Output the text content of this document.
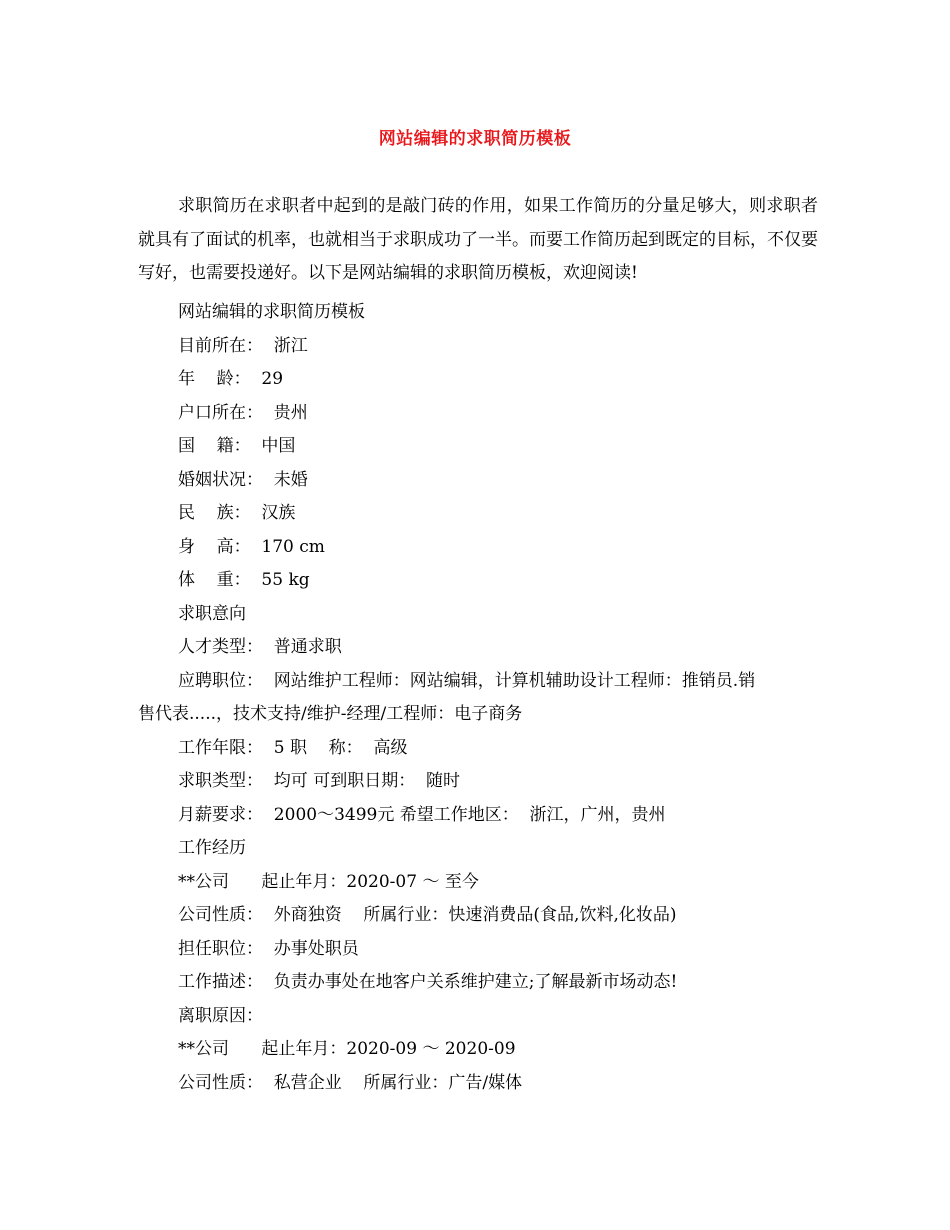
网站编辑的求职简历模板
求职简历在求职者中起到的是敲门砖的作用，如果工作简历的分量足够大，则求职者就具有了面试的机率，也就相当于求职成功了一半。而要工作简历起到既定的目标，不仅要写好，也需要投递好。以下是网站编辑的求职简历模板，欢迎阅读!
网站编辑的求职简历模板
目前所在：  浙江
年    龄：  29
户口所在：  贵州
国    籍：  中国
婚姻状况：  未婚
民    族：  汉族
身    高：  170 cm
体    重：  55 kg
求职意向
人才类型：  普通求职
应聘职位：  网站维护工程师：网站编辑，计算机辅助设计工程师：推销员.销
售代表.....，技术支持/维护-经理/工程师：电子商务
工作年限：  5 职    称：  高级
求职类型：  均可 可到职日期：  随时
月薪要求：  2000～3499元 希望工作地区：  浙江，广州，贵州
工作经历
**公司      起止年月：2020-07 ～ 至今
公司性质：  外商独资    所属行业：快速消费品(食品,饮料,化妆品)
担任职位：  办事处职员
工作描述：  负责办事处在地客户关系维护建立;了解最新市场动态!
离职原因：
**公司      起止年月：2020-09 ～ 2020-09
公司性质：  私营企业    所属行业：广告/媒体
